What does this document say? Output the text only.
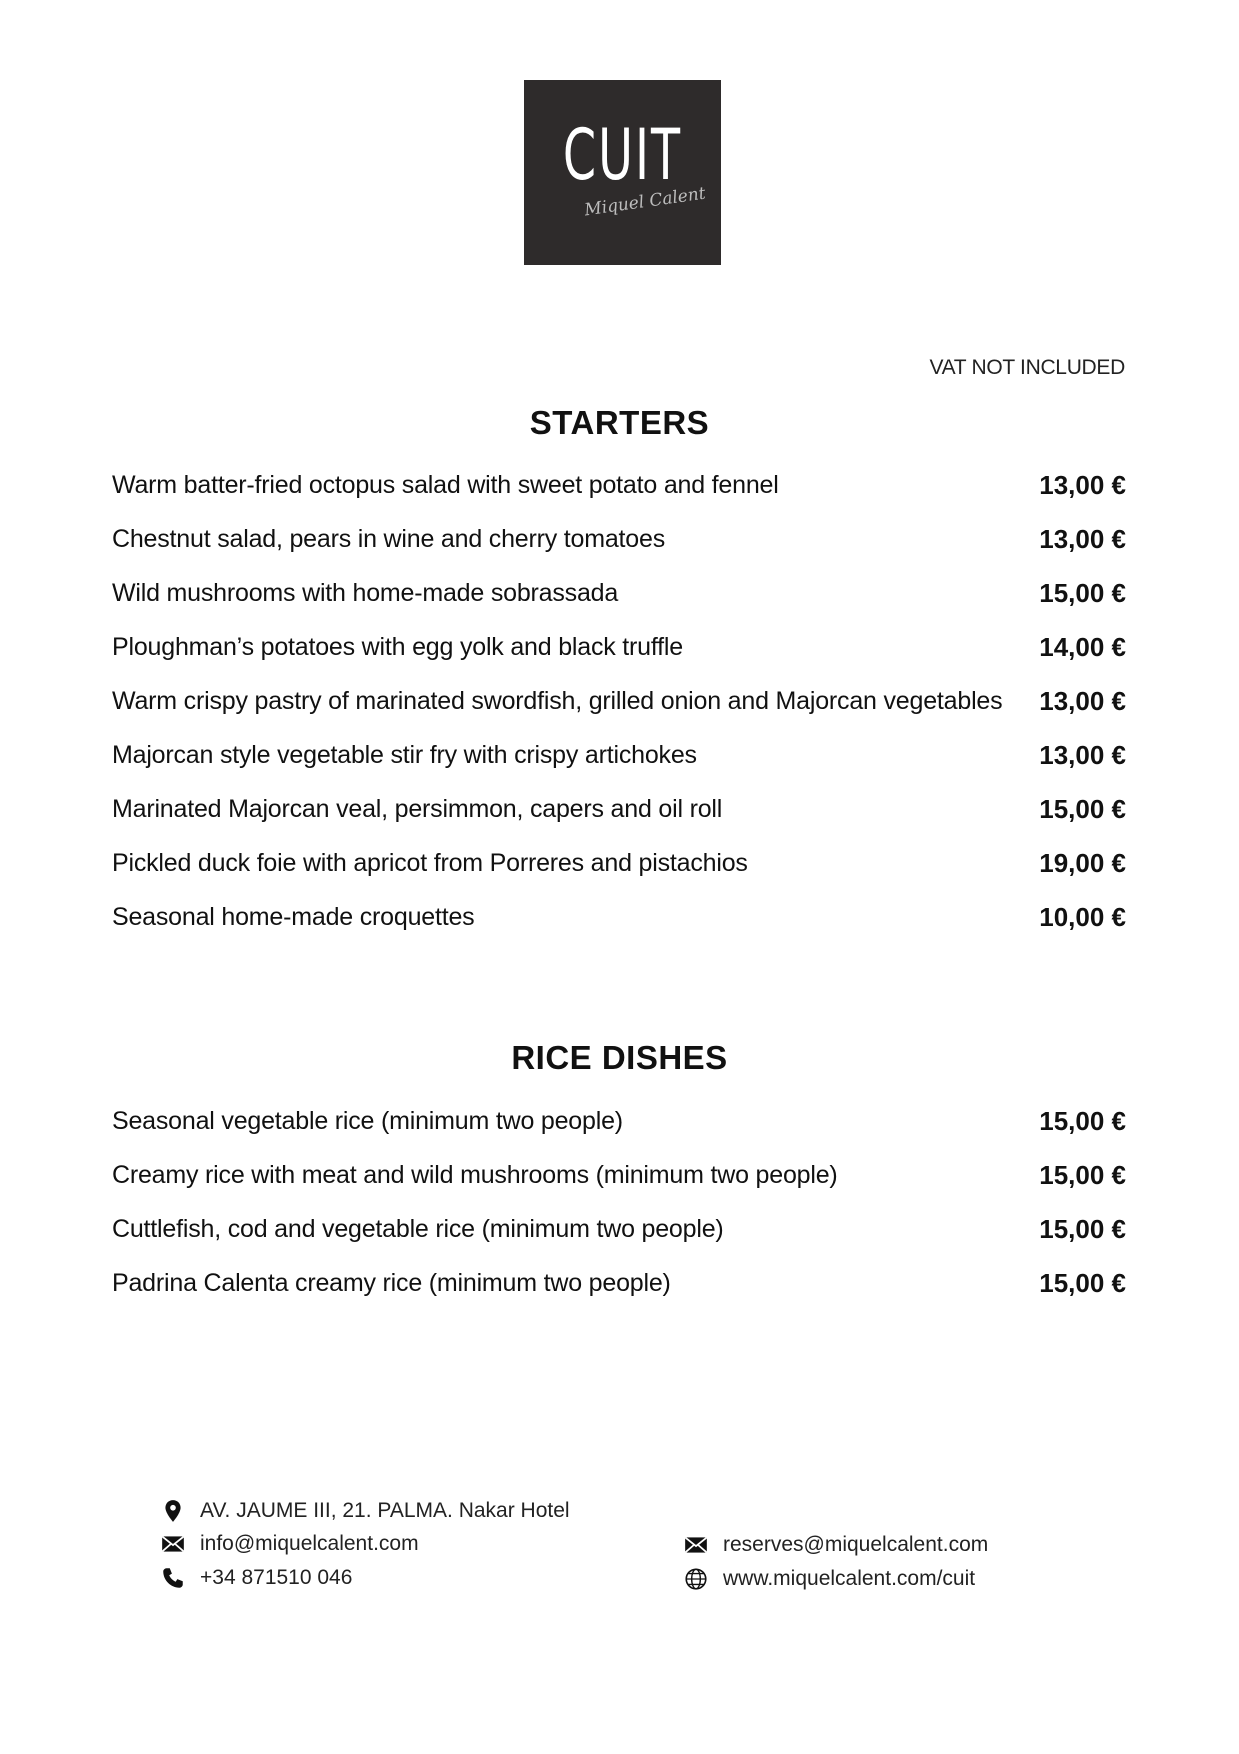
CUIT
Miquel Calent
VAT NOT INCLUDED
STARTERS
Warm batter-fried octopus salad with sweet potato and fennel	13,00 €
Chestnut salad, pears in wine and cherry tomatoes	13,00 €
Wild mushrooms with home-made sobrassada	15,00 €
Ploughman’s potatoes with egg yolk and black truffle	14,00 €
Warm crispy pastry of marinated swordfish, grilled onion and Majorcan vegetables 13,00 €
Majorcan style vegetable stir fry with crispy artichokes	13,00 €
Marinated Majorcan veal, persimmon, capers and oil roll	15,00 €
Pickled duck foie with apricot from Porreres and pistachios	19,00 €
Seasonal home-made croquettes	10,00 €
RICE DISHES
Seasonal vegetable rice (minimum two people)	15,00 €
Creamy rice with meat and wild mushrooms (minimum two people)	15,00 €
Cuttlefish, cod and vegetable rice (minimum two people)	15,00 €
Padrina Calenta creamy rice (minimum two people)	15,00 €
AV. JAUME III, 21. PALMA. Nakar Hotel
info@miquelcalent.com
+34 871510 046
reserves@miquelcalent.com
www.miquelcalent.com/cuit
